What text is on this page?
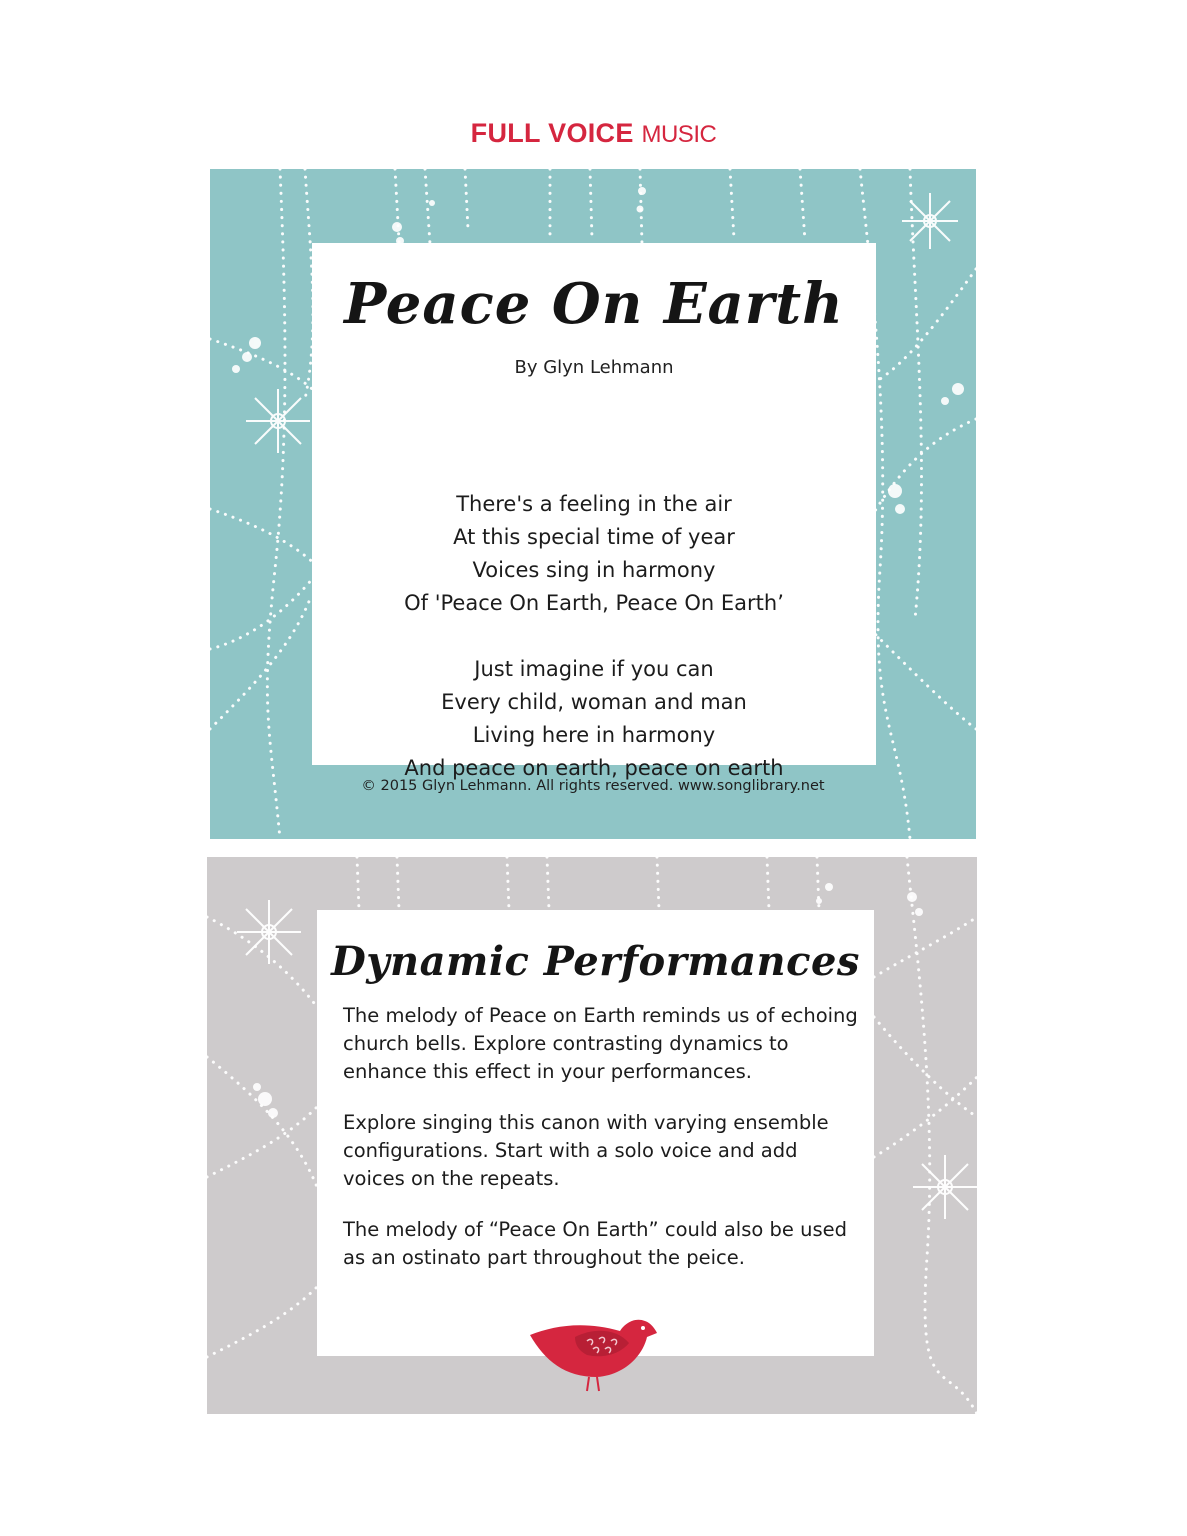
FULL VOICE MUSIC
Peace On Earth
By Glyn Lehmann
There's a feeling in the air
At this special time of year
Voices sing in harmony
Of 'Peace On Earth, Peace On Earth’
Just imagine if you can
Every child, woman and man
Living here in harmony
And peace on earth, peace on earth
© 2015 Glyn Lehmann. All rights reserved. www.songlibrary.net
Dynamic Performances
The melody of Peace on Earth reminds us of echoing church bells. Explore contrasting dynamics to enhance this effect in your performances.
Explore singing this canon with varying ensemble configurations. Start with a solo voice and add voices on the repeats.
The melody of “Peace On Earth” could also be used as an ostinato part throughout the peice.
